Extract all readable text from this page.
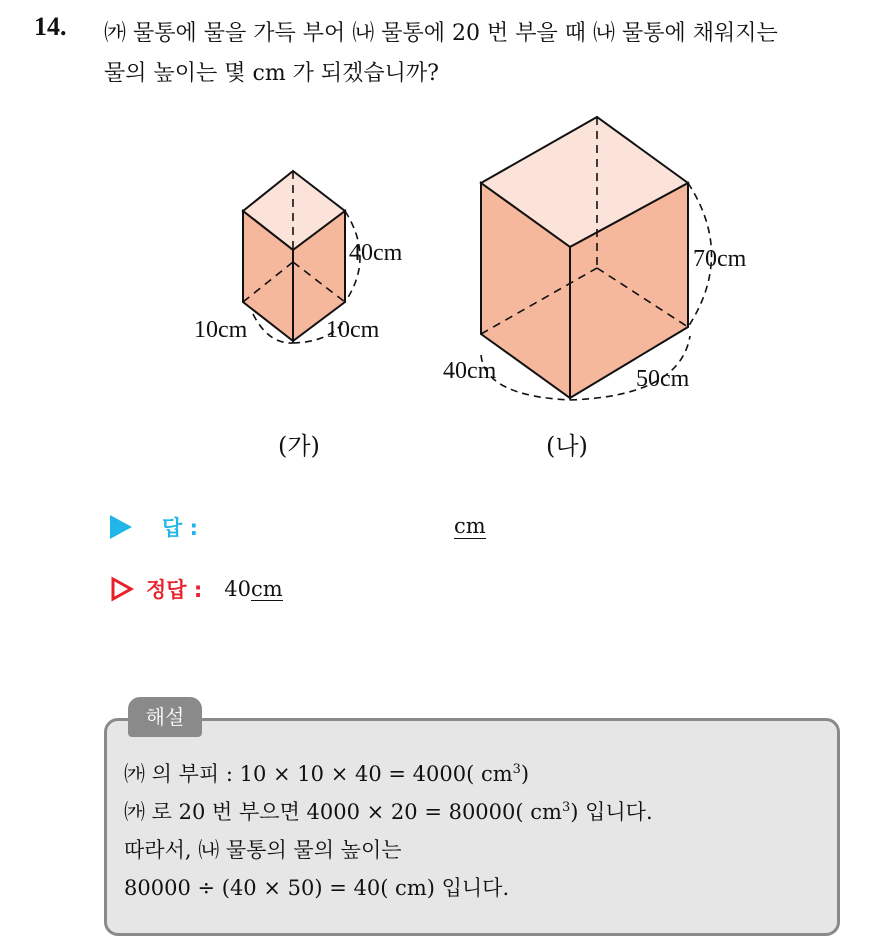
14. ㈎ 물통에 물을 가득 부어 ㈏ 물통에 20 번 부을 때 ㈏ 물통에 채워지는
물의 높이는 몇 cm 가 되겠습니까?
40cm
10cm	10cm
70cm
40cm	50cm
(가)	(나)
답 :	cm
정답 : 40 cm
해설
㈎ 의 부피 : 10 × 10 × 40 = 4000( $cm^3$)
㈎ 로 20 번 부으면 4000 × 20 = 80000( $cm^3$) 입니다.
따라서, ㈏ 물통의 물의 높이는
80000 ÷ (40 × 50) = 40( cm) 입니다.
